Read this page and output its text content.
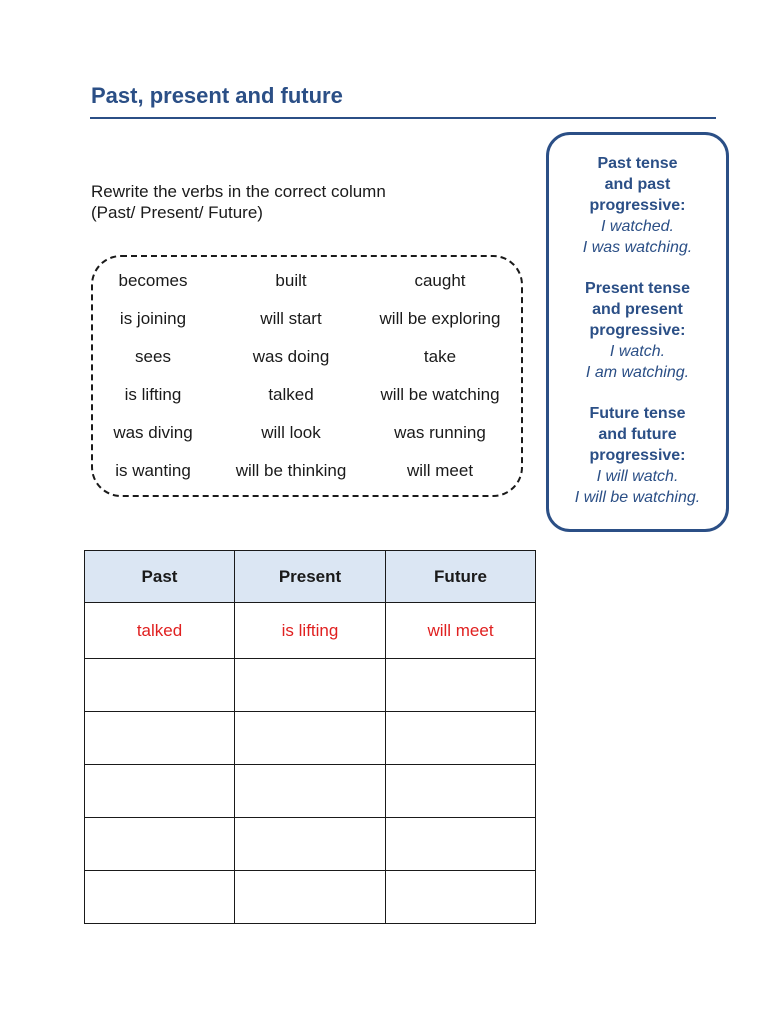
Past, present and future
Rewrite the verbs in the correct column
(Past/ Present/ Future)
becomes	built	caught
is joining	will start	will be exploring
sees	was doing	take
is lifting	talked	will be watching
was diving	will look	was running
is wanting	will be thinking	will meet
Past tense
and past
progressive:
I watched.
I was watching.
Present tense
and present
progressive:
I watch.
I am watching.
Future tense
and future
progressive:
I will watch.
I will be watching.
Past	Present	Future
talked	is lifting	will meet
